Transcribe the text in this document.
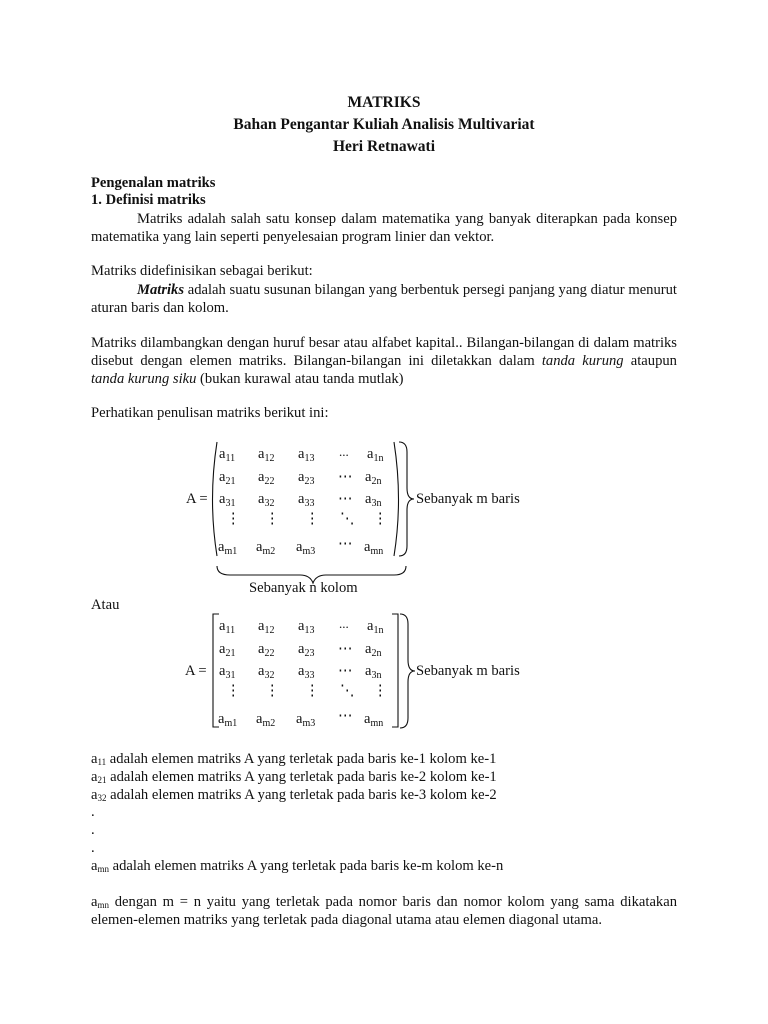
MATRIKS
Bahan Pengantar Kuliah Analisis Multivariat
Heri Retnawati
Pengenalan matriks
1. Definisi matriks
Matriks adalah salah satu konsep dalam matematika yang banyak diterapkan pada konsep matematika yang lain seperti penyelesaian program linier dan vektor.
Matriks didefinisikan sebagai berikut:
Matriks adalah suatu susunan bilangan yang berbentuk persegi panjang yang diatur menurut aturan baris dan kolom.
Matriks dilambangkan dengan huruf besar atau alfabet kapital.. Bilangan-bilangan di dalam matriks disebut dengan elemen matriks. Bilangan-bilangan ini diletakkan dalam tanda kurung ataupun tanda kurung siku (bukan kurawal atau tanda mutlak)
Perhatikan penulisan matriks berikut ini:
A =	Sebanyak m baris
Sebanyak n kolom
$a_{11}$ $a_{12}$ $a_{13}$ ... $a_{1n}$
$a_{21}$ $a_{22}$ $a_{23}$ ⋯ $a_{2n}$
$a_{31}$ $a_{32}$ $a_{33}$ ⋯ $a_{3n}$
⋮ ⋮ ⋮ ⋱ ⋮
$a_{m1}$ $a_{m2}$ $a_{m3}$ ⋯ $a_{mn}$
Atau
A =	Sebanyak m baris
$a_{11}$ $a_{12}$ $a_{13}$ ... $a_{1n}$
$a_{21}$ $a_{22}$ $a_{23}$ ⋯ $a_{2n}$
$a_{31}$ $a_{32}$ $a_{33}$ ⋯ $a_{3n}$
⋮ ⋮ ⋮ ⋱ ⋮
$a_{m1}$ $a_{m2}$ $a_{m3}$ ⋯ $a_{mn}$
$a_{11}$ adalah elemen matriks A yang terletak pada baris ke-1 kolom ke-1
$a_{21}$ adalah elemen matriks A yang terletak pada baris ke-2 kolom ke-1
$a_{32}$ adalah elemen matriks A yang terletak pada baris ke-3 kolom ke-2
.
.
.
$a_{mn}$ adalah elemen matriks A yang terletak pada baris ke-m kolom ke-n
$a_{mn}$ dengan m = n yaitu yang terletak pada nomor baris dan nomor kolom yang sama dikatakan elemen-elemen matriks yang terletak pada diagonal utama atau elemen diagonal utama.
